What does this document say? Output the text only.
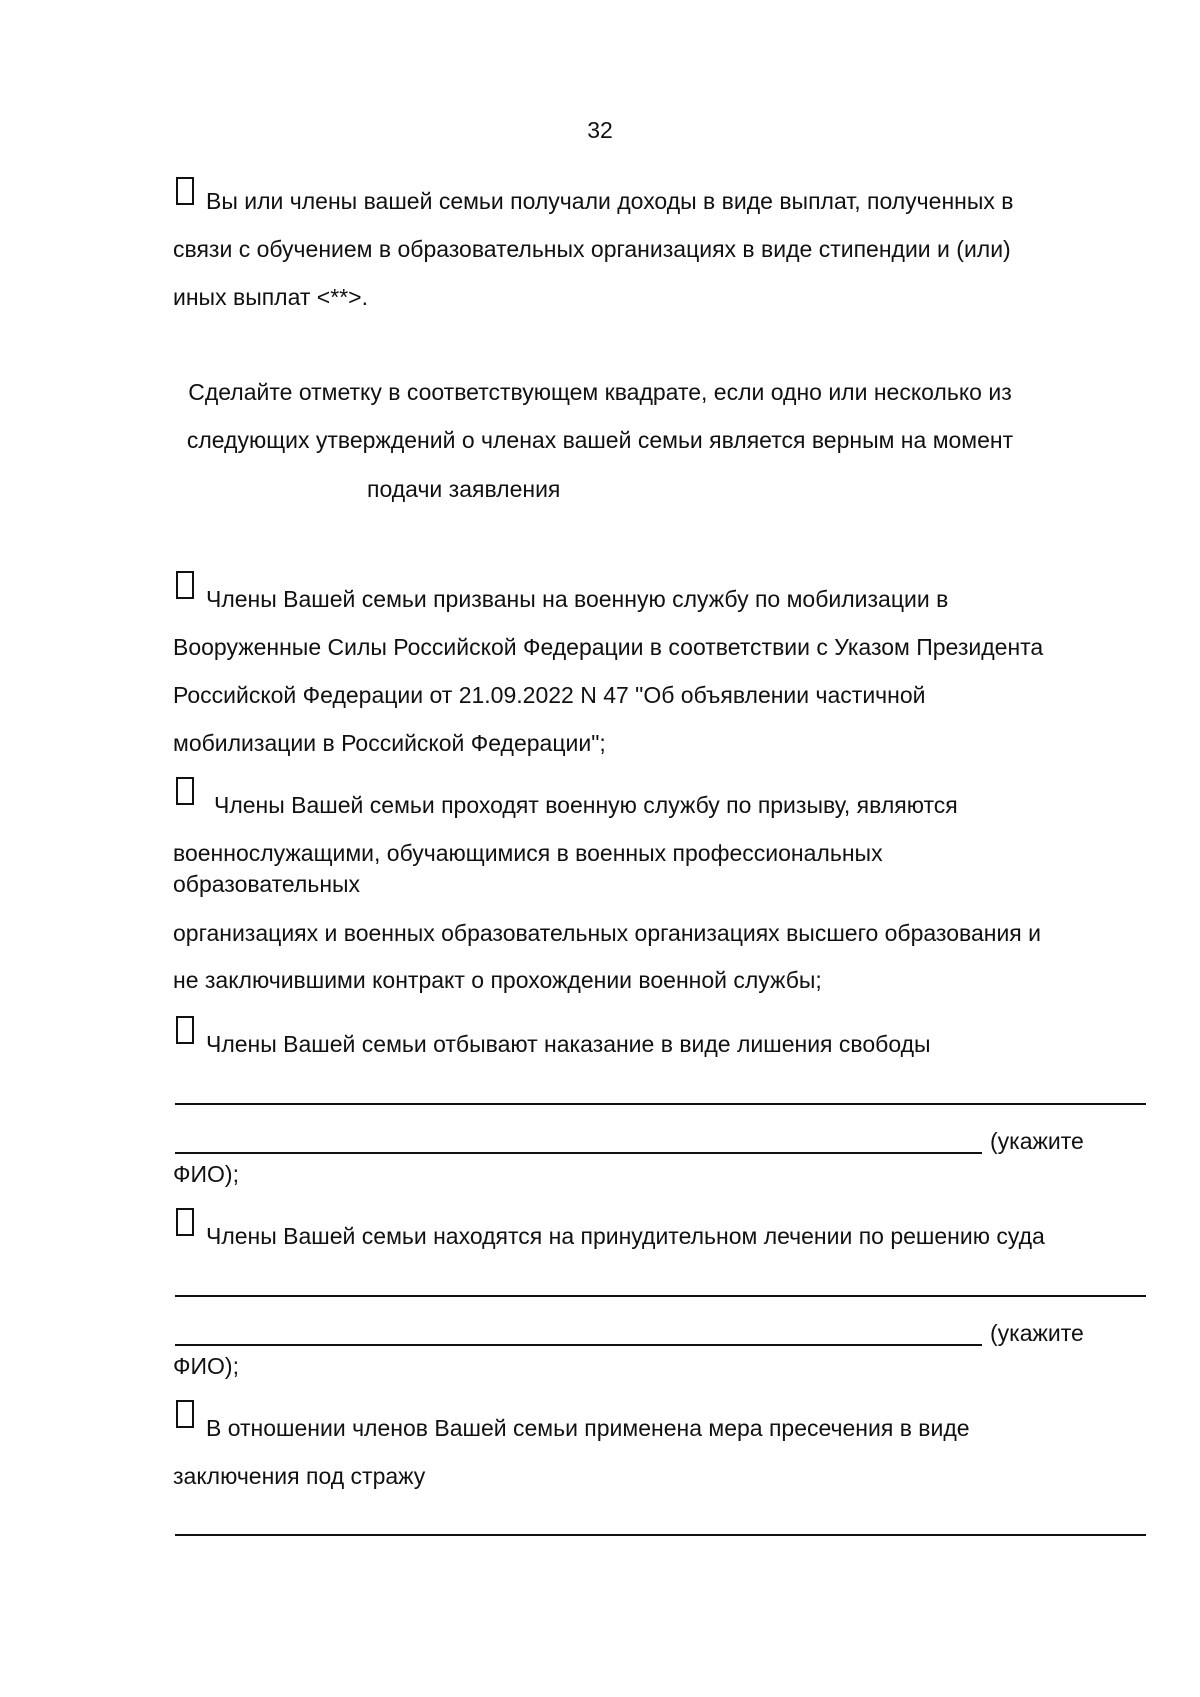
32
Вы или члены вашей семьи получали доходы в виде выплат, полученных в
связи с обучением в образовательных организациях в виде стипендии и (или)
иных выплат <**>.
Сделайте отметку в соответствующем квадрате, если одно или несколько из
следующих утверждений о членах вашей семьи является верным на момент
подачи заявления
Члены Вашей семьи призваны на военную службу по мобилизации в
Вооруженные Силы Российской Федерации в соответствии с Указом Президента
Российской Федерации от 21.09.2022 N 47 "Об объявлении частичной
мобилизации в Российской Федерации";
Члены Вашей семьи проходят военную службу по призыву, являются
военнослужащими, обучающимися в военных профессиональных
образовательных
организациях и военных образовательных организациях высшего образования и
не заключившими контракт о прохождении военной службы;
Члены Вашей семьи отбывают наказание в виде лишения свободы
(укажите
ФИО);
Члены Вашей семьи находятся на принудительном лечении по решению суда
(укажите
ФИО);
В отношении членов Вашей семьи применена мера пресечения в виде
заключения под стражу
